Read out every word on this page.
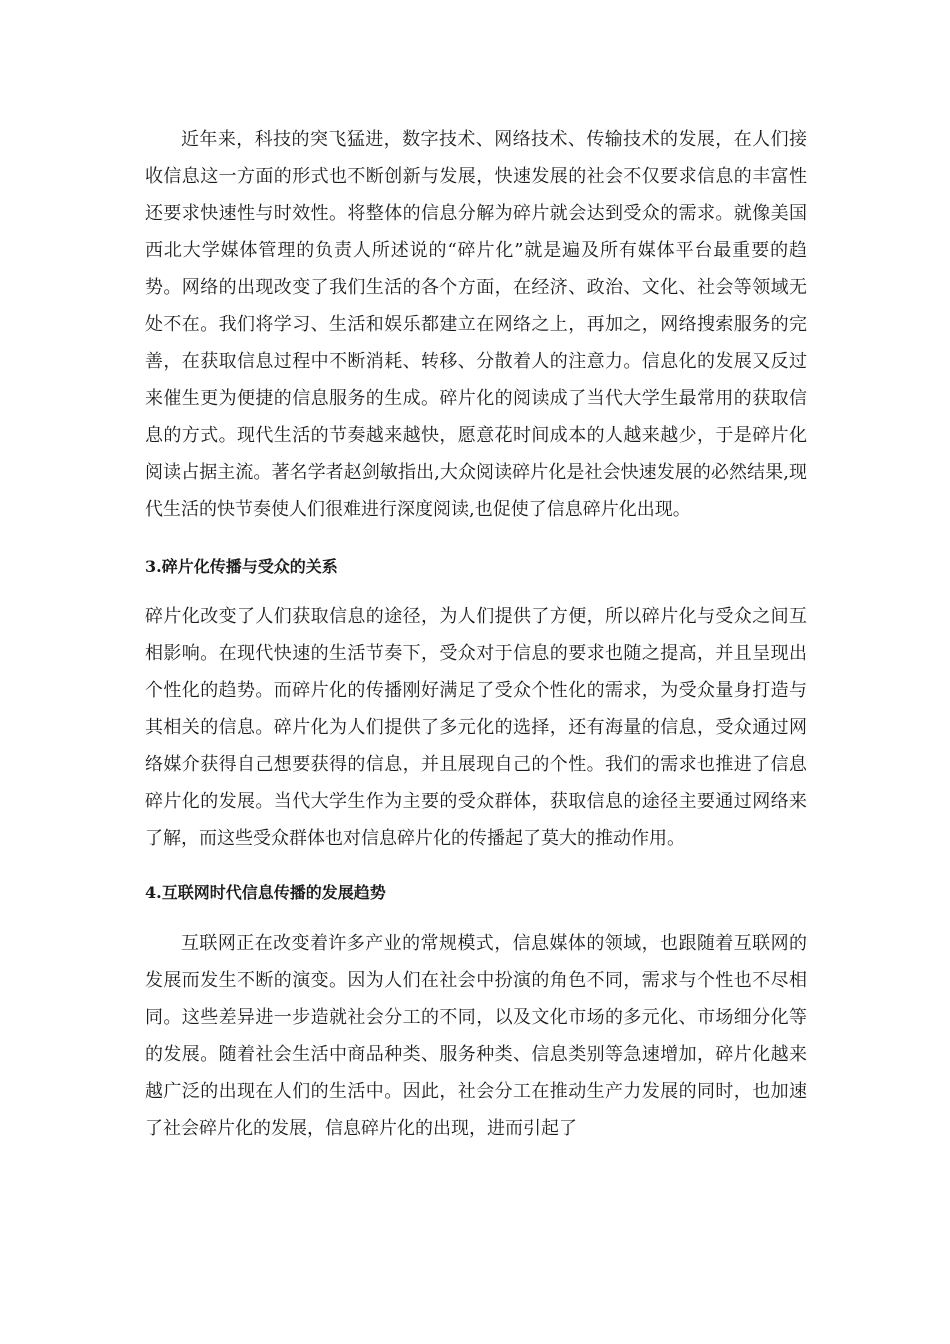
近年来，科技的突飞猛进，数字技术、网络技术、传输技术的发展，在人们接收信息这一方面的形式也不断创新与发展，快速发展的社会不仅要求信息的丰富性还要求快速性与时效性。将整体的信息分解为碎片就会达到受众的需求。就像美国西北大学媒体管理的负责人所述说的“碎片化”就是遍及所有媒体平台最重要的趋势。网络的出现改变了我们生活的各个方面，在经济、政治、文化、社会等领域无处不在。我们将学习、生活和娱乐都建立在网络之上，再加之，网络搜索服务的完善，在获取信息过程中不断消耗、转移、分散着人的注意力。信息化的发展又反过来催生更为便捷的信息服务的生成。碎片化的阅读成了当代大学生最常用的获取信息的方式。现代生活的节奏越来越快，愿意花时间成本的人越来越少，于是碎片化阅读占据主流。著名学者赵剑敏指出,大众阅读碎片化是社会快速发展的必然结果,现代生活的快节奏使人们很难进行深度阅读,也促使了信息碎片化出现。

3.碎片化传播与受众的关系

碎片化改变了人们获取信息的途径，为人们提供了方便，所以碎片化与受众之间互相影响。在现代快速的生活节奏下，受众对于信息的要求也随之提高，并且呈现出个性化的趋势。而碎片化的传播刚好满足了受众个性化的需求，为受众量身打造与其相关的信息。碎片化为人们提供了多元化的选择，还有海量的信息，受众通过网络媒介获得自己想要获得的信息，并且展现自己的个性。我们的需求也推进了信息碎片化的发展。当代大学生作为主要的受众群体，获取信息的途径主要通过网络来了解，而这些受众群体也对信息碎片化的传播起了莫大的推动作用。

4.互联网时代信息传播的发展趋势

互联网正在改变着许多产业的常规模式，信息媒体的领域，也跟随着互联网的发展而发生不断的演变。因为人们在社会中扮演的角色不同，需求与个性也不尽相同。这些差异进一步造就社会分工的不同，以及文化市场的多元化、市场细分化等的发展。随着社会生活中商品种类、服务种类、信息类别等急速增加，碎片化越来越广泛的出现在人们的生活中。因此，社会分工在推动生产力发展的同时，也加速了社会碎片化的发展，信息碎片化的出现，进而引起了
